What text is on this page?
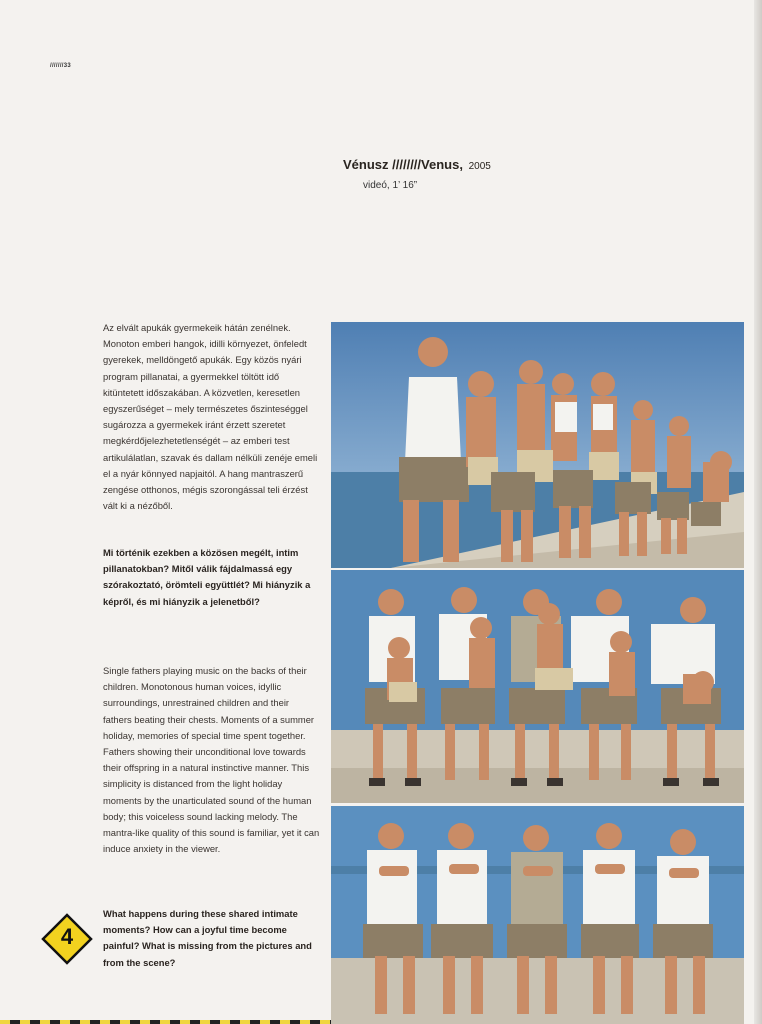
///////33
Vénusz ////////Venus, 2005
videó, 1’ 16”

Az elvált apukák gyermekeik hátán zenélnek. Monoton emberi hangok, idilli környezet, önfeledt gyerekek, melldöngető apukák. Egy közös nyári program pillanatai, a gyermekkel töltött idő kitüntetett időszakában. A közvetlen, keresetlen egyszerűséget – mely természetes őszinteséggel sugározza a gyermekek iránt érzett szeretet megkérdőjelezhetetlenségét – az emberi test artikulálatlan, szavak és dallam nélküli zenéje emeli el a nyár könnyed napjaitól. A hang mantraszerű zengése otthonos, mégis szorongással teli érzést vált ki a nézőből.

Mi történik ezekben a közösen megélt, intim pillanatokban? Mitől válik fájdalmassá egy szórakoztató, örömteli együttlét? Mi hiányzik a képről, és mi hiányzik a jelenetből?

Single fathers playing music on the backs of their children. Monotonous human voices, idyllic surroundings, unrestrained children and their fathers beating their chests. Moments of a summer holiday, memories of special time spent together. Fathers showing their unconditional love towards their offspring in a natural instinctive manner. This simplicity is distanced from the light holiday moments by the unarticulated sound of the human body; this voiceless sound lacking melody. The mantra-like quality of this sound is familiar, yet it can induce anxiety in the viewer.

What happens during these shared intimate moments? How can a joyful time become painful? What is missing from the pictures and from the scene?

4
